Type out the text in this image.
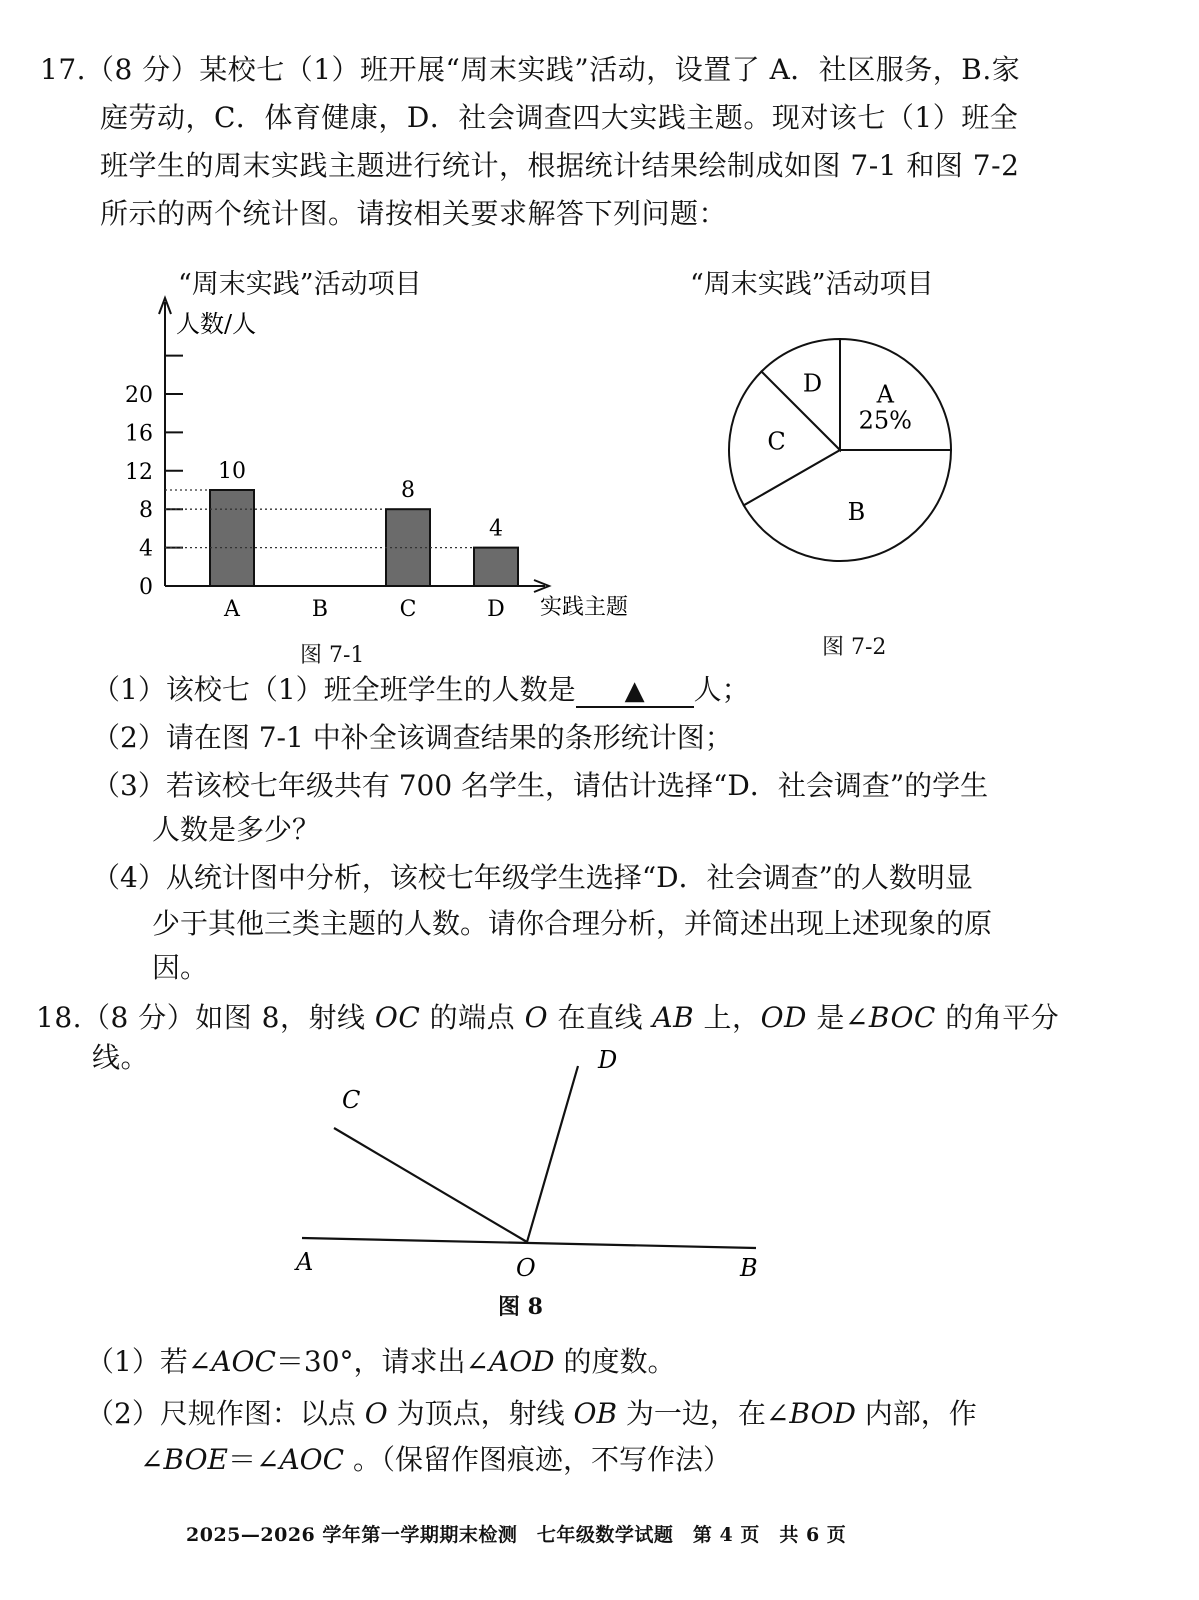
17.（8 分）某校七（1）班开展“周末实践”活动，设置了 A．社区服务，B.家
庭劳动，C．体育健康，D．社会调查四大实践主题。现对该七（1）班全
班学生的周末实践主题进行统计，根据统计结果绘制成如图 7-1 和图 7-2
所示的两个统计图。请按相关要求解答下列问题：
“周末实践”活动项目
0
4
8
12
16
20
10
A	B
8
C
4
D
人数/人
实践主题
图 7-1
“周末实践”活动项目
A
25%
B
C
D
图 7-2
（1）该校七（1）班全班学生的人数是 ▲ 人；
（2）请在图 7-1 中补全该调查结果的条形统计图；
（3）若该校七年级共有 700 名学生，请估计选择“D．社会调查”的学生
人数是多少？
（4）从统计图中分析，该校七年级学生选择“D．社会调查”的人数明显
少于其他三类主题的人数。请你合理分析，并简述出现上述现象的原
因。
18.（8 分）如图 8，射线 OC 的端点 O 在直线 AB 上，OD 是∠BOC 的角平分
线。
A	O	B
C
D
图 8
（1）若∠AOC＝30°，请求出∠AOD 的度数。
（2）尺规作图：以点 O 为顶点，射线 OB 为一边，在∠BOD 内部，作
∠BOE＝∠AOC 。（保留作图痕迹，不写作法）
2025—2026 学年第一学期期末检测　七年级数学试题　第 4 页　共 6 页
